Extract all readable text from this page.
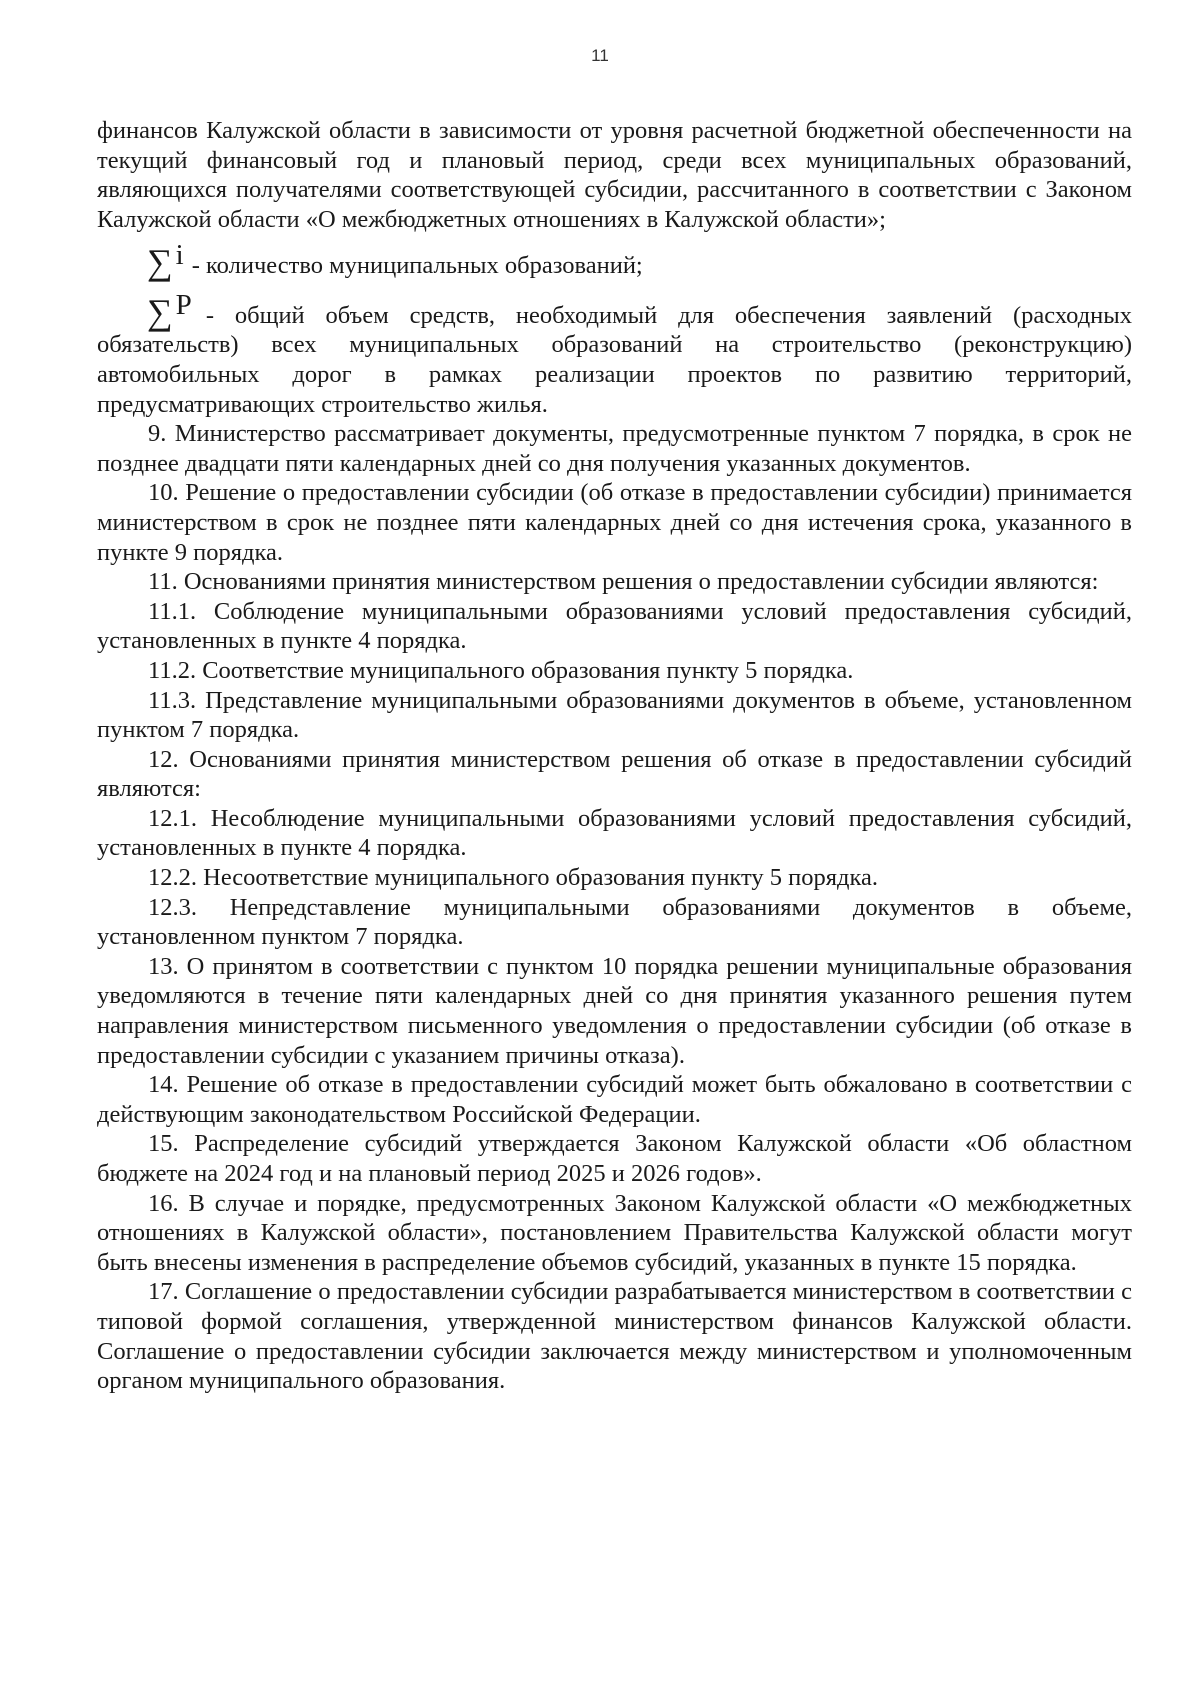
11

финансов Калужской области в зависимости от уровня расчетной бюджетной обеспеченности на текущий финансовый год и плановый период, среди всех муниципальных образований, являющихся получателями соответствующей субсидии, рассчитанного в соответствии с Законом Калужской области «О межбюджетных отношениях в Калужской области»;

∑ i - количество муниципальных образований;
∑ P - общий объем средств, необходимый для обеспечения заявлений (расходных

обязательств) всех муниципальных образований на строительство (реконструкцию) автомобильных дорог в рамках реализации проектов по развитию территорий, предусматривающих строительство жилья.

9. Министерство рассматривает документы, предусмотренные пунктом 7 порядка, в срок не позднее двадцати пяти календарных дней со дня получения указанных документов.

10. Решение о предоставлении субсидии (об отказе в предоставлении субсидии) принимается министерством в срок не позднее пяти календарных дней со дня истечения срока, указанного в пункте 9 порядка.

11. Основаниями принятия министерством решения о предоставлении субсидии являются:

11.1. Соблюдение муниципальными образованиями условий предоставления субсидий, установленных в пункте 4 порядка.

11.2. Соответствие муниципального образования пункту 5 порядка.

11.3. Представление муниципальными образованиями документов в объеме, установленном пунктом 7 порядка.

12. Основаниями принятия министерством решения об отказе в предоставлении субсидий являются:

12.1. Несоблюдение муниципальными образованиями условий предоставления субсидий, установленных в пункте 4 порядка.

12.2. Несоответствие муниципального образования пункту 5 порядка.

12.3. Непредставление муниципальными образованиями документов в объеме, установленном пунктом 7 порядка.

13. О принятом в соответствии с пунктом 10 порядка решении муниципальные образования уведомляются в течение пяти календарных дней со дня принятия указанного решения путем направления министерством письменного уведомления о предоставлении субсидии (об отказе в предоставлении субсидии с указанием причины отказа).

14. Решение об отказе в предоставлении субсидий может быть обжаловано в соответствии с действующим законодательством Российской Федерации.

15. Распределение субсидий утверждается Законом Калужской области «Об областном бюджете на 2024 год и на плановый период 2025 и 2026 годов».

16. В случае и порядке, предусмотренных Законом Калужской области «О межбюджетных отношениях в Калужской области», постановлением Правительства Калужской области могут быть внесены изменения в распределение объемов субсидий, указанных в пункте 15 порядка.

17. Соглашение о предоставлении субсидии разрабатывается министерством в соответствии с типовой формой соглашения, утвержденной министерством финансов Калужской области. Соглашение о предоставлении субсидии заключается между министерством и уполномоченным органом муниципального образования.
